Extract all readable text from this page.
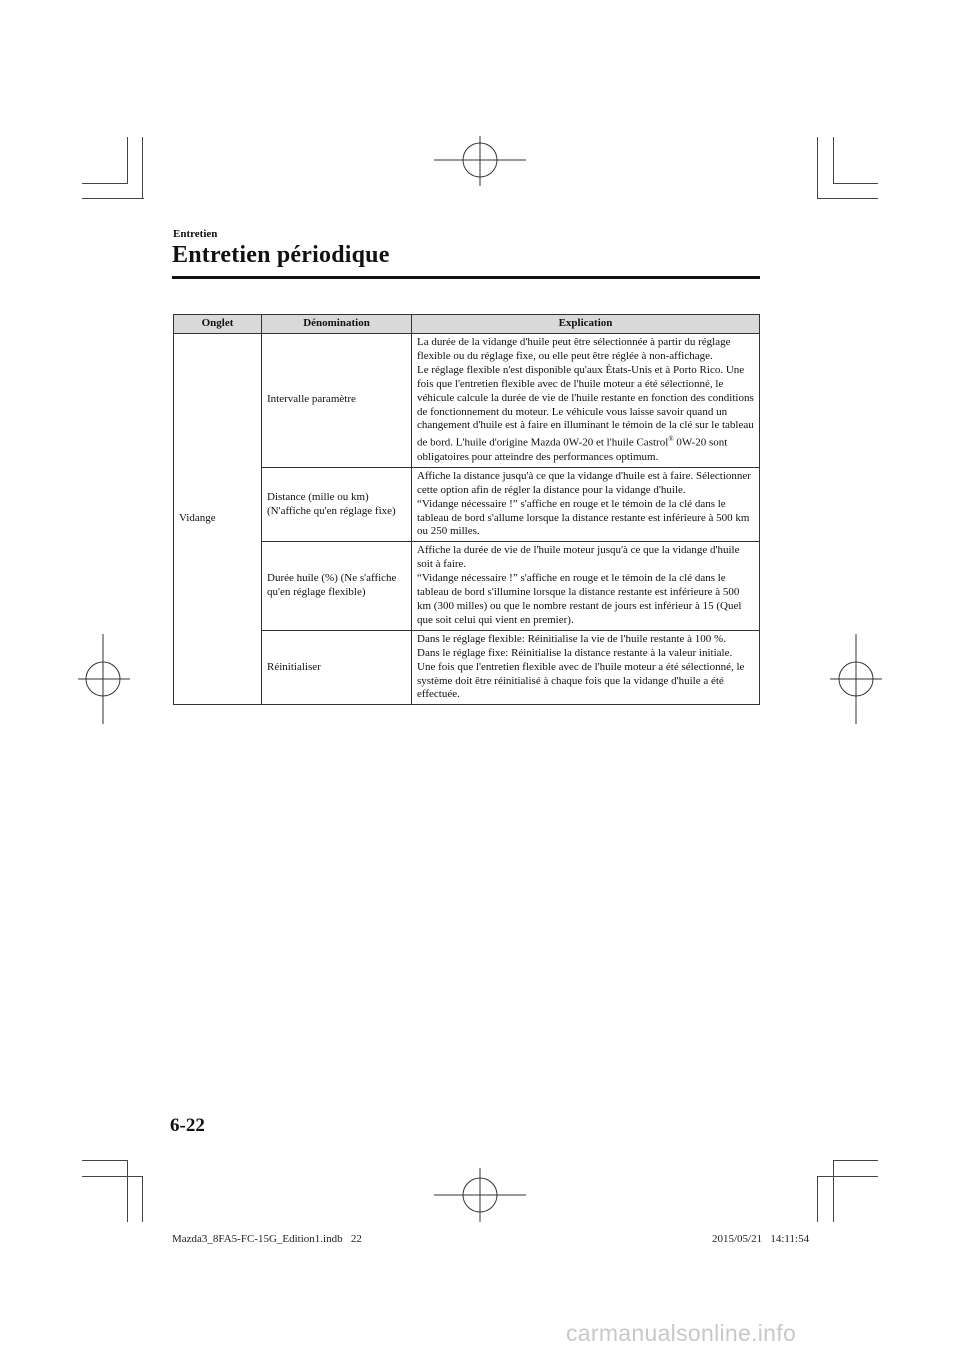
Entretien
Entretien périodique
Onglet	Dénomination	Explication
Vidange	Intervalle paramètre	La durée de la vidange d'huile peut être sélectionnée à partir du réglage flexible ou du réglage fixe, ou elle peut être réglée à non-affichage.
Le réglage flexible n'est disponible qu'aux États-Unis et à Porto Rico. Une fois que l'entretien flexible avec de l'huile moteur a été sélectionné, le véhicule calcule la durée de vie de l'huile restante en fonction des conditions de fonctionnement du moteur. Le véhicule vous laisse savoir quand un changement d'huile est à faire en illuminant le témoin de la clé sur le tableau de bord. L'huile d'origine Mazda 0W-20 et l'huile Castrol® 0W-20 sont obligatoires pour atteindre des performances optimum.

	Distance (mille ou km) (N'affiche qu'en réglage fixe)	Affiche la distance jusqu'à ce que la vidange d'huile est à faire. Sélectionner cette option afin de régler la distance pour la vidange d'huile.
“Vidange nécessaire !” s'affiche en rouge et le témoin de la clé dans le tableau de bord s'allume lorsque la distance restante est inférieure à 500 km ou 250 milles.

	Durée huile (%) (Ne s'affiche qu'en réglage flexible)	Affiche la durée de vie de l'huile moteur jusqu'à ce que la vidange d'huile soit à faire.
“Vidange nécessaire !” s'affiche en rouge et le témoin de la clé dans le tableau de bord s'illumine lorsque la distance restante est inférieure à 500 km (300 milles) ou que le nombre restant de jours est inférieur à 15 (Quel que soit celui qui vient en premier).

	Réinitialiser	Dans le réglage flexible: Réinitialise la vie de l'huile restante à 100 %.
Dans le réglage fixe: Réinitialise la distance restante à la valeur initiale.
Une fois que l'entretien flexible avec de l'huile moteur a été sélectionné, le système doit être réinitialisé à chaque fois que la vidange d'huile a été effectuée.
6-22
Mazda3_8FA5-FC-15G_Edition1.indb   22	2015/05/21   14:11:54
carmanualsonline.info
